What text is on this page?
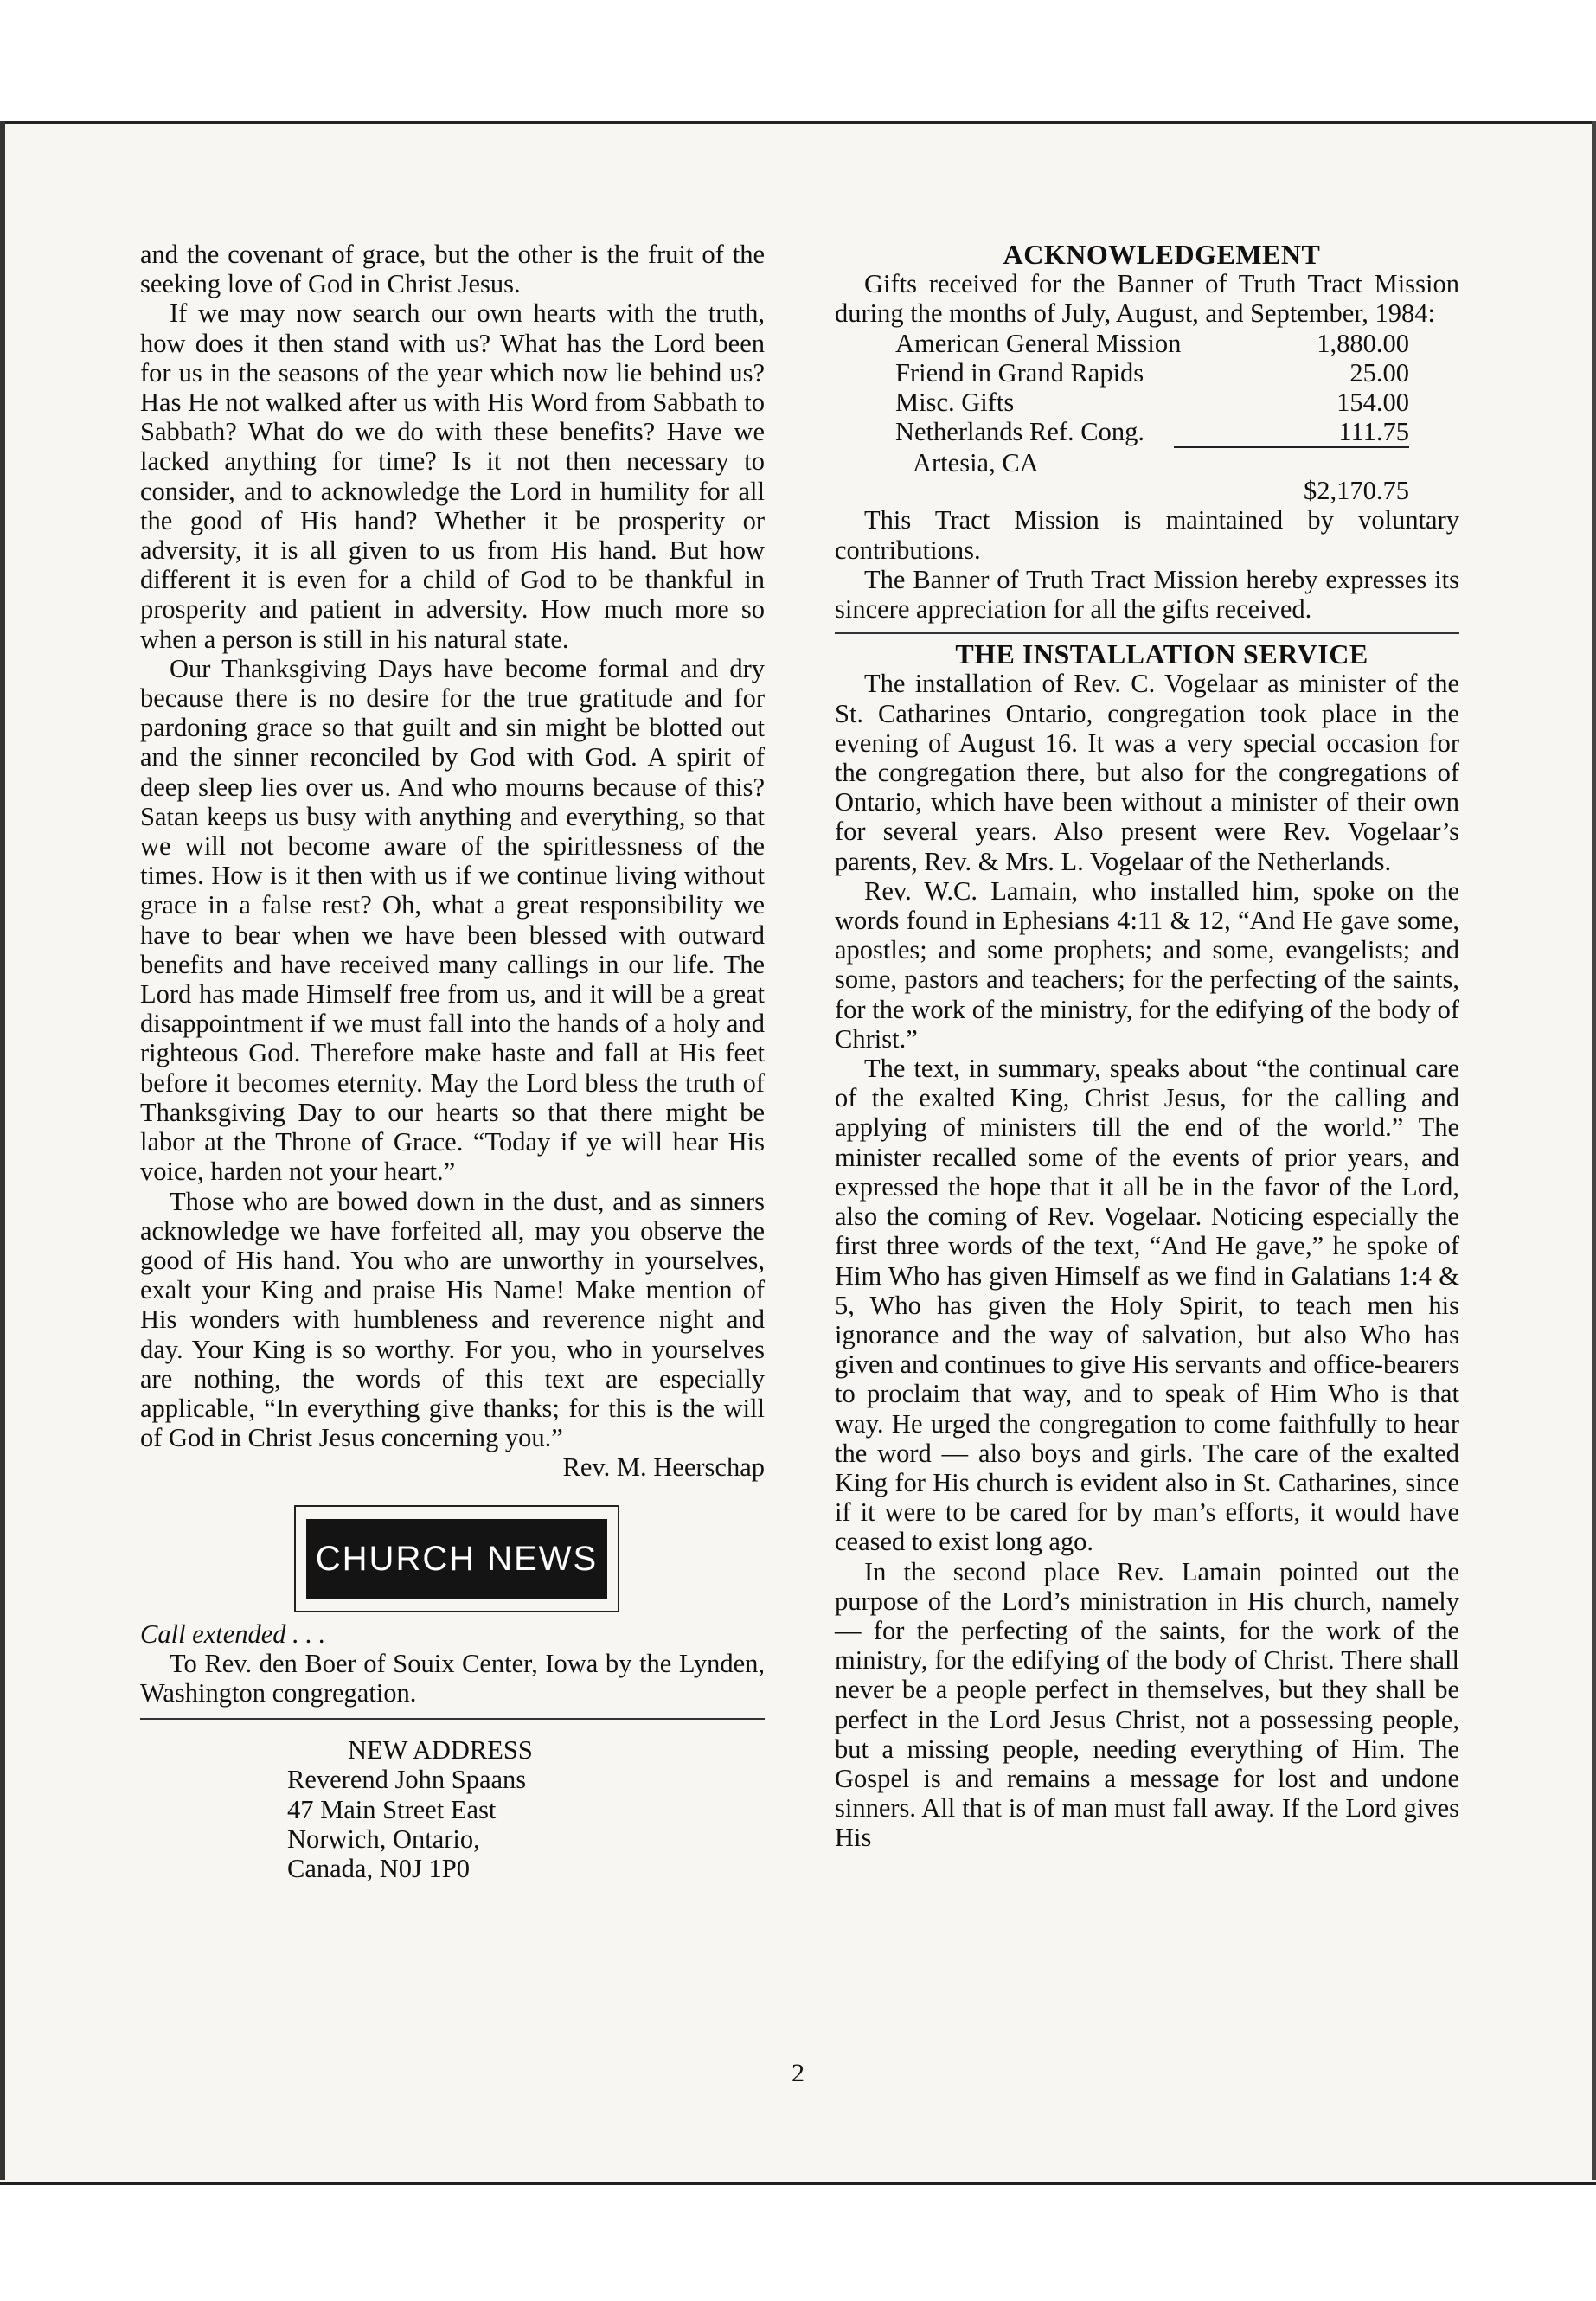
and the covenant of grace, but the other is the fruit of the seeking love of God in Christ Jesus.

If we may now search our own hearts with the truth, how does it then stand with us? What has the Lord been for us in the seasons of the year which now lie behind us? Has He not walked after us with His Word from Sabbath to Sabbath? What do we do with these benefits? Have we lacked anything for time? Is it not then necessary to consider, and to acknowledge the Lord in humility for all the good of His hand? Whether it be prosperity or adversity, it is all given to us from His hand. But how different it is even for a child of God to be thankful in prosperity and patient in adversity. How much more so when a person is still in his natural state.

Our Thanksgiving Days have become formal and dry because there is no desire for the true gratitude and for pardoning grace so that guilt and sin might be blotted out and the sinner reconciled by God with God. A spirit of deep sleep lies over us. And who mourns because of this? Satan keeps us busy with anything and everything, so that we will not become aware of the spiritlessness of the times. How is it then with us if we continue living without grace in a false rest? Oh, what a great responsibility we have to bear when we have been blessed with outward benefits and have received many callings in our life. The Lord has made Himself free from us, and it will be a great disappointment if we must fall into the hands of a holy and righteous God. Therefore make haste and fall at His feet before it becomes eternity. May the Lord bless the truth of Thanksgiving Day to our hearts so that there might be labor at the Throne of Grace. “Today if ye will hear His voice, harden not your heart.”

Those who are bowed down in the dust, and as sinners acknowledge we have forfeited all, may you observe the good of His hand. You who are unworthy in yourselves, exalt your King and praise His Name! Make mention of His wonders with humbleness and reverence night and day. Your King is so worthy. For you, who in yourselves are nothing, the words of this text are especially applicable, “In everything give thanks; for this is the will of God in Christ Jesus concerning you.”

Rev. M. Heerschap

CHURCH NEWS

Call extended . . .

To Rev. den Boer of Souix Center, Iowa by the Lynden, Washington congregation.

NEW ADDRESS
Reverend John Spaans
47 Main Street East
Norwich, Ontario,
Canada, N0J 1P0

ACKNOWLEDGEMENT

Gifts received for the Banner of Truth Tract Mission during the months of July, August, and September, 1984:

American General Mission	1,880.00
Friend in Grand Rapids	25.00
Misc. Gifts	154.00
Netherlands Ref. Cong.	111.75
Artesia, CA
$2,170.75

This Tract Mission is maintained by voluntary contributions.

The Banner of Truth Tract Mission hereby expresses its sincere appreciation for all the gifts received.

THE INSTALLATION SERVICE

The installation of Rev. C. Vogelaar as minister of the St. Catharines Ontario, congregation took place in the evening of August 16. It was a very special occasion for the congregation there, but also for the congregations of Ontario, which have been without a minister of their own for several years. Also present were Rev. Vogelaar’s parents, Rev. & Mrs. L. Vogelaar of the Netherlands.

Rev. W.C. Lamain, who installed him, spoke on the words found in Ephesians 4:11 & 12, “And He gave some, apostles; and some prophets; and some, evangelists; and some, pastors and teachers; for the perfecting of the saints, for the work of the ministry, for the edifying of the body of Christ.”

The text, in summary, speaks about “the continual care of the exalted King, Christ Jesus, for the calling and applying of ministers till the end of the world.” The minister recalled some of the events of prior years, and expressed the hope that it all be in the favor of the Lord, also the coming of Rev. Vogelaar. Noticing especially the first three words of the text, “And He gave,” he spoke of Him Who has given Himself as we find in Galatians 1:4 & 5, Who has given the Holy Spirit, to teach men his ignorance and the way of salvation, but also Who has given and continues to give His servants and office-bearers to proclaim that way, and to speak of Him Who is that way. He urged the congregation to come faithfully to hear the word — also boys and girls. The care of the exalted King for His church is evident also in St. Catharines, since if it were to be cared for by man’s efforts, it would have ceased to exist long ago.

In the second place Rev. Lamain pointed out the purpose of the Lord’s ministration in His church, namely — for the perfecting of the saints, for the work of the ministry, for the edifying of the body of Christ. There shall never be a people perfect in themselves, but they shall be perfect in the Lord Jesus Christ, not a possessing people, but a missing people, needing everything of Him. The Gospel is and remains a message for lost and undone sinners. All that is of man must fall away. If the Lord gives His

2
